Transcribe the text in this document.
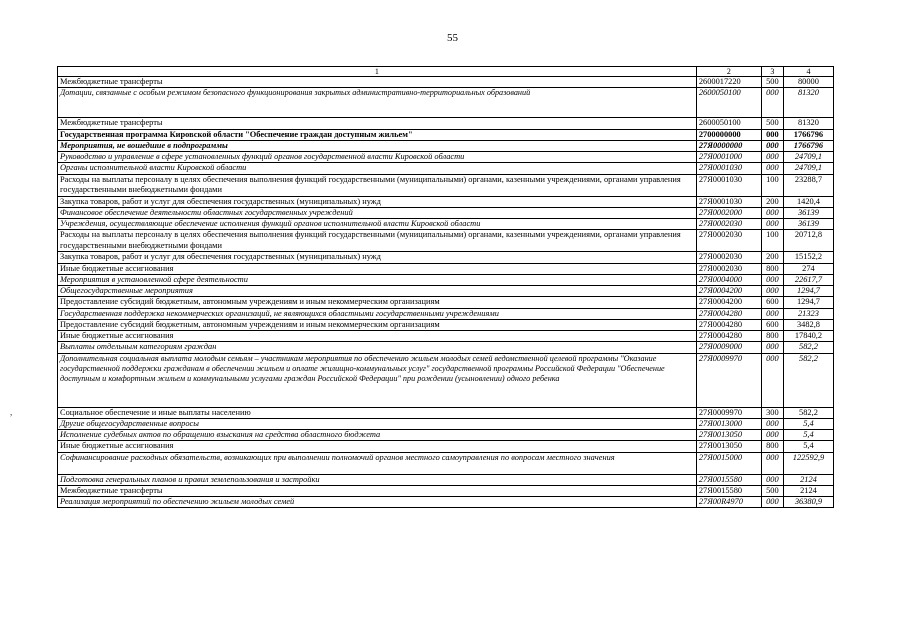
55
,
1	2	3	4
Межбюджетные трансферты	2600017220	500	80000
Дотации, связанные с особым режимом безопасного функционирования закрытых административно-территориальных образований	2600050100	000	81320
Межбюджетные трансферты	2600050100	500	81320
Государственная программа Кировской области "Обеспечение граждан доступным жильем"	2700000000	000	1766796
Мероприятия, не вошедшие в подпрограммы	27Я0000000	000	1766796
Руководство и управление в сфере установленных функций органов государственной власти Кировской области	27Я0001000	000	24709,1
Органы исполнительной власти Кировской области	27Я0001030	000	24709,1
Расходы на выплаты персоналу в целях обеспечения выполнения функций государственными (муниципальными) органами, казенными учреждениями, органами управления государственными внебюджетными фондами	27Я0001030	100	23288,7
Закупка товаров, работ и услуг для обеспечения государственных (муниципальных) нужд	27Я0001030	200	1420,4
Финансовое обеспечение деятельности областных государственных учреждений	27Я0002000	000	36139
Учреждения, осуществляющие обеспечение исполнения функций органов исполнительной власти Кировской области	27Я0002030	000	36139
Расходы на выплаты персоналу в целях обеспечения выполнения функций государственными (муниципальными) органами, казенными учреждениями, органами управления государственными внебюджетными фондами	27Я0002030	100	20712,8
Закупка товаров, работ и услуг для обеспечения государственных (муниципальных) нужд	27Я0002030	200	15152,2
Иные бюджетные ассигнования	27Я0002030	800	274
Мероприятия в установленной сфере деятельности	27Я0004000	000	22617,7
Общегосударственные мероприятия	27Я0004200	000	1294,7
Предоставление субсидий бюджетным, автономным учреждениям и иным некоммерческим организациям	27Я0004200	600	1294,7
Государственная поддержка некоммерческих организаций, не являющихся областными государственными учреждениями	27Я0004280	000	21323
Предоставление субсидий бюджетным, автономным учреждениям и иным некоммерческим организациям	27Я0004280	600	3482,8
Иные бюджетные ассигнования	27Я0004280	800	17840,2
Выплаты отдельным категориям граждан	27Я0009000	000	582,2
Дополнительная социальная выплата молодым семьям – участникам мероприятия по обеспечению жильем молодых семей ведомственной целевой программы "Оказание государственной поддержки гражданам в обеспечении жильем и оплате жилищно-коммунальных услуг" государственной программы Российской Федерации "Обеспечение доступным и комфортным жильем и коммунальными услугами граждан Российской Федерации" при рождении (усыновлении) одного ребенка	27Я0009970	000	582,2
Социальное обеспечение и иные выплаты населению	27Я0009970	300	582,2
Другие общегосударственные вопросы	27Я0013000	000	5,4
Исполнение судебных актов по обращению взыскания на средства областного бюджета	27Я0013050	000	5,4
Иные бюджетные ассигнования	27Я0013050	800	5,4
Софинансирование расходных обязательств, возникающих при выполнении полномочий органов местного самоуправления по вопросам местного значения	27Я0015000	000	122592,9
Подготовка генеральных планов и правил землепользования и застройки	27Я0015580	000	2124
Межбюджетные трансферты	27Я0015580	500	2124
Реализация мероприятий по обеспечению жильем молодых семей	27Я00R4970	000	36380,9
